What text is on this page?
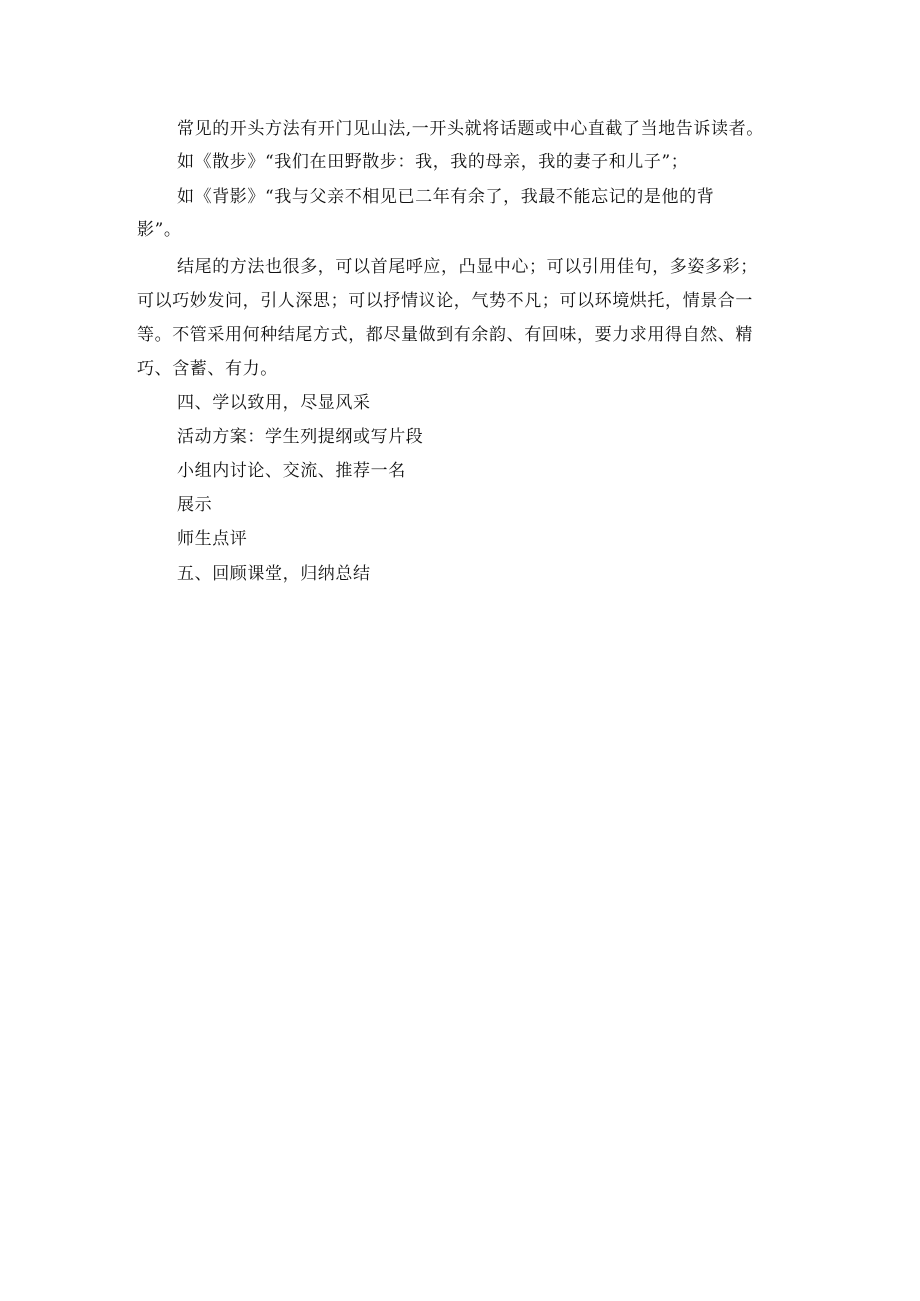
常见的开头方法有开门见山法,一开头就将话题或中心直截了当地告诉读者。
如《散步》“我们在田野散步：我，我的母亲，我的妻子和儿子”；
如《背影》“我与父亲不相见已二年有余了，我最不能忘记的是他的背
影”。
结尾的方法也很多，可以首尾呼应，凸显中心；可以引用佳句，多姿多彩；
可以巧妙发问，引人深思；可以抒情议论，气势不凡；可以环境烘托，情景合一
等。不管采用何种结尾方式，都尽量做到有余韵、有回味，要力求用得自然、精
巧、含蓄、有力。
四、学以致用，尽显风采
活动方案：学生列提纲或写片段
小组内讨论、交流、推荐一名
展示
师生点评
五、回顾课堂，归纳总结
